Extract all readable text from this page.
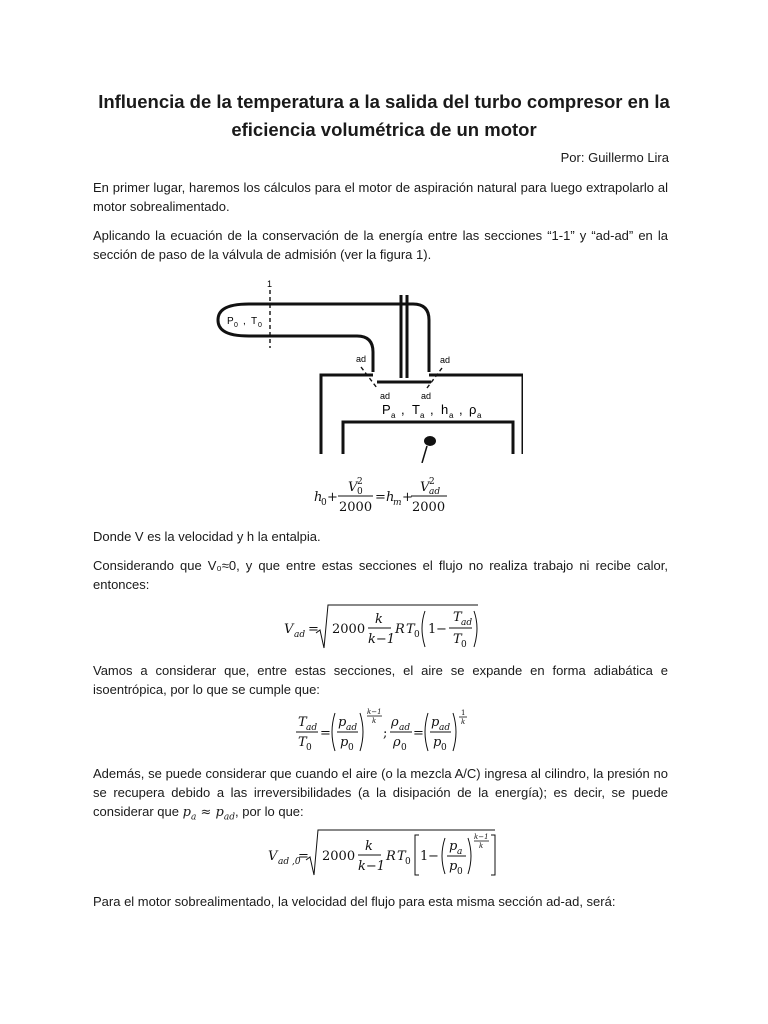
Influencia de la temperatura a la salida del turbo compresor en la
eficiencia volumétrica de un motor
Por: Guillermo Lira

En primer lugar, haremos los cálculos para el motor de aspiración natural para luego extrapolarlo al motor sobrealimentado.

Aplicando la ecuación de la conservación de la energía entre las secciones “1-1” y “ad-ad” en la sección de paso de la válvula de admisión (ver la figura 1).

1
ad	ad
ad	ad
P 0 , T 0
P a , T a , h a , ρ a
h
0 +
V 2
0
2000
= h
m +
V 2
ad
2000

Donde V es la velocidad y h la entalpia.

Considerando que V₀≈0, y que entre estas secciones el flujo no realiza trabajo ni recibe calor, entonces:

V ad = 2000
k
k−1
R T 0 1 −
T ad
T 0

Vamos a considerar que, entre estas secciones, el aire se expande en forma adiabática e isoentrópica, por lo que se cumple que:

T ad
T 0
=
p ad
p 0
k−1
k
;
ρ ad
ρ 0
=
p ad
p 0
1
k

Además, se puede considerar que cuando el aire (o la mezcla A/C) ingresa al cilindro, la presión no se recupera debido a las irreversibilidades (a la disipación de la energía); es decir, se puede considerar que $p_a \approx p_{ad}$, por lo que:

V ad ,0
= 2000
k
k−1
R T 0 1 −
p a
p 0
k−1
k

Para el motor sobrealimentado, la velocidad del flujo para esta misma sección ad-ad, será:
